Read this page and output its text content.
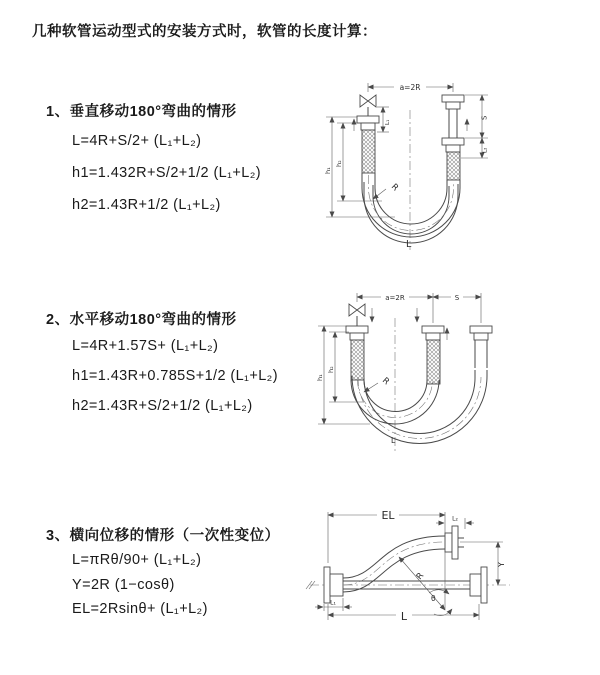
几种软管运动型式的安装方式时，软管的长度计算：
1、垂直移动180°弯曲的情形
L=4R+S/2+ (L₁+L₂)
h1=1.432R+S/2+1/2 (L₁+L₂)
h2=1.43R+1/2 (L₁+L₂)
2、水平移动180°弯曲的情形
L=4R+1.57S+ (L₁+L₂)
h1=1.43R+0.785S+1/2 (L₁+L₂)
h2=1.43R+S/2+1/2 (L₁+L₂)
3、横向位移的情形（一次性变位）
L=πRθ/90+ (L₁+L₂)
Y=2R (1−cosθ)
EL=2Rsinθ+ (L₁+L₂)
a=2R
R
L
h₁
h₂
L₁
S
L₂
a=2R	S
h₁
h₂
R
L
EL	L₂
Y
R
θ
L
L₁
